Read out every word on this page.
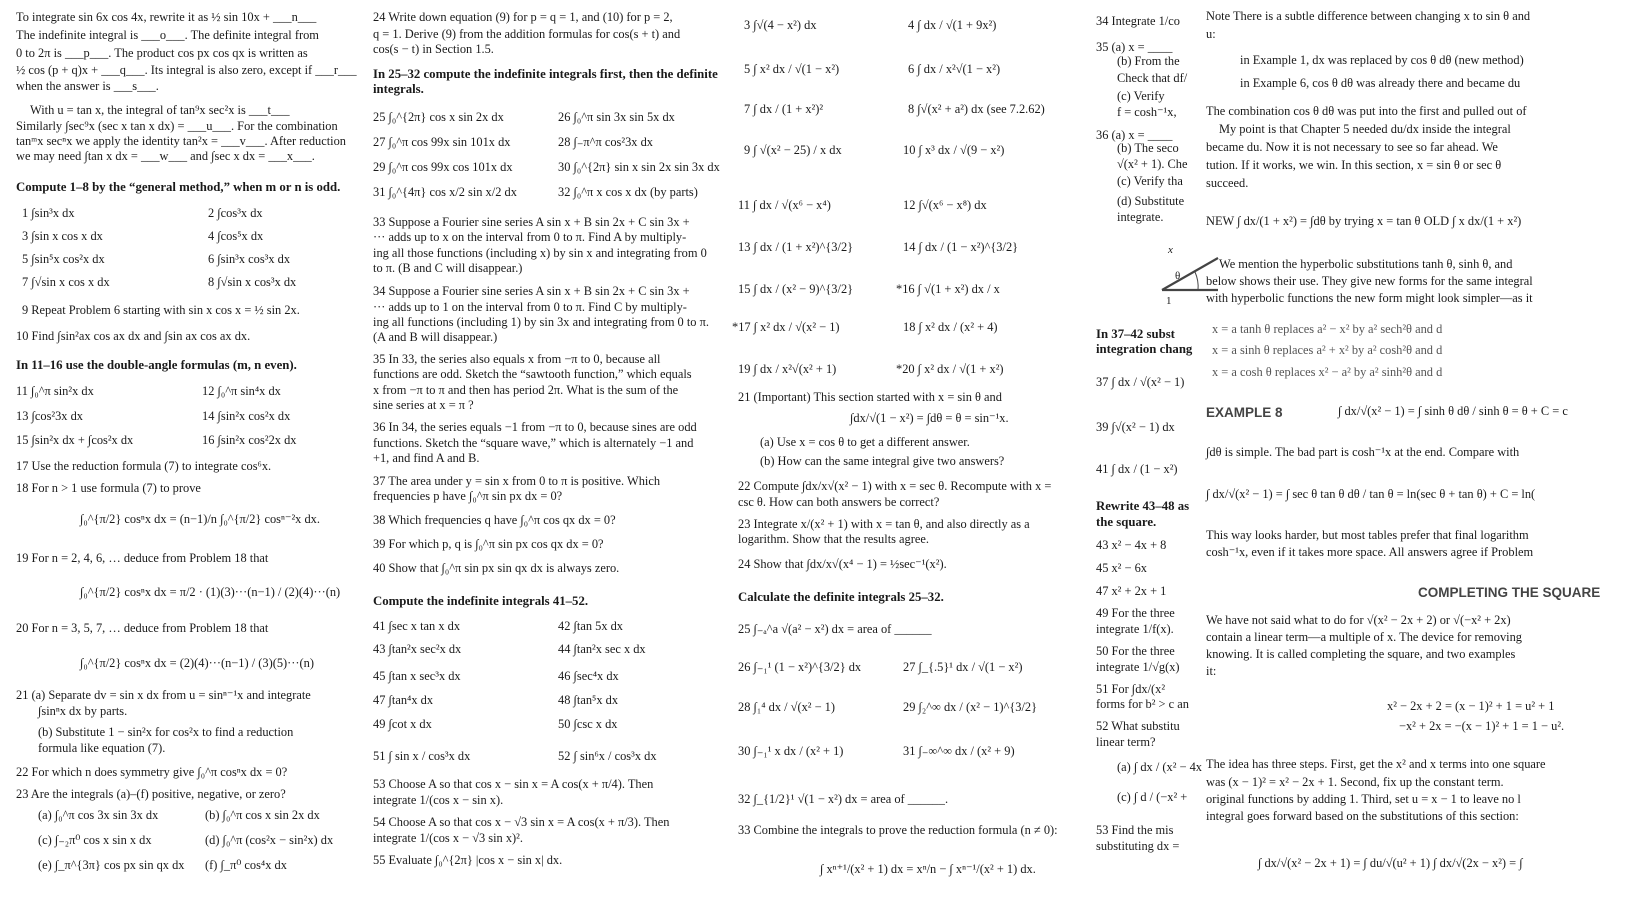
To integrate sin 6x cos 4x, rewrite it as ½ sin 10x + ___n___
The indefinite integral is ___o___. The definite integral from
0 to 2π is ___p___. The product cos px cos qx is written as
½ cos (p + q)x + ___q___. Its integral is also zero, except if ___r___
when the answer is ___s___.
With u = tan x, the integral of tan⁹x sec²x is ___t___
Similarly ∫sec⁹x (sec x tan x dx) = ___u___. For the combination
tanᵐx secⁿx we apply the identity tan²x = ___v___. After reduction
we may need ∫tan x dx = ___w___ and ∫sec x dx = ___x___.
Compute 1–8 by the “general method,” when m or n is odd.
1 ∫sin³x dx	2 ∫cos³x dx
3 ∫sin x cos x dx	4 ∫cos⁵x dx
5 ∫sin⁵x cos²x dx	6 ∫sin³x cos³x dx
7 ∫√sin x cos x dx	8 ∫√sin x cos³x dx
9 Repeat Problem 6 starting with sin x cos x = ½ sin 2x.
10 Find ∫sin²ax cos ax dx and ∫sin ax cos ax dx.
In 11–16 use the double-angle formulas (m, n even).
11 ∫₀^π sin²x dx	12 ∫₀^π sin⁴x dx
13 ∫cos²3x dx	14 ∫sin²x cos²x dx
15 ∫sin²x dx + ∫cos²x dx	16 ∫sin²x cos²2x dx
17 Use the reduction formula (7) to integrate cos⁶x.
18 For n > 1 use formula (7) to prove
∫₀^{π/2} cosⁿx dx = (n−1)/n ∫₀^{π/2} cosⁿ⁻²x dx.
19 For n = 2, 4, 6, … deduce from Problem 18 that
∫₀^{π/2} cosⁿx dx = π/2 · (1)(3)···(n−1) / (2)(4)···(n)
20 For n = 3, 5, 7, … deduce from Problem 18 that
∫₀^{π/2} cosⁿx dx = (2)(4)···(n−1) / (3)(5)···(n)
21 (a) Separate dv = sin x dx from u = sinⁿ⁻¹x and integrate
∫sinⁿx dx by parts.
(b) Substitute 1 − sin²x for cos²x to find a reduction
formula like equation (7).
22 For which n does symmetry give ∫₀^π cosⁿx dx = 0?
23 Are the integrals (a)–(f) positive, negative, or zero?
(a) ∫₀^π cos 3x sin 3x dx	(b) ∫₀^π cos x sin 2x dx
(c) ∫₋₂π⁰ cos x sin x dx	(d) ∫₀^π (cos²x − sin²x) dx
(e) ∫_π^{3π} cos px sin qx dx (f) ∫_π⁰ cos⁴x dx
24 Write down equation (9) for p = q = 1, and (10) for p = 2,
q = 1. Derive (9) from the addition formulas for cos(s + t) and
cos(s − t) in Section 1.5.
In 25–32 compute the indefinite integrals first, then the definite
integrals.
25 ∫₀^{2π} cos x sin 2x dx	26 ∫₀^π sin 3x sin 5x dx
27 ∫₀^π cos 99x sin 101x dx	28 ∫₋π^π cos²3x dx
29 ∫₀^π cos 99x cos 101x dx	30 ∫₀^{2π} sin x sin 2x sin 3x dx
31 ∫₀^{4π} cos x/2 sin x/2 dx	32 ∫₀^π x cos x dx (by parts)
33 Suppose a Fourier sine series A sin x + B sin 2x + C sin 3x +
··· adds up to x on the interval from 0 to π. Find A by multiply-
ing all those functions (including x) by sin x and integrating from 0
to π. (B and C will disappear.)
34 Suppose a Fourier sine series A sin x + B sin 2x + C sin 3x +
··· adds up to 1 on the interval from 0 to π. Find C by multiply-
ing all functions (including 1) by sin 3x and integrating from 0 to π.
(A and B will disappear.)
35 In 33, the series also equals x from −π to 0, because all
functions are odd. Sketch the “sawtooth function,” which equals
x from −π to π and then has period 2π. What is the sum of the
sine series at x = π ?
36 In 34, the series equals −1 from −π to 0, because sines are odd
functions. Sketch the “square wave,” which is alternately −1 and
+1, and find A and B.
37 The area under y = sin x from 0 to π is positive. Which
frequencies p have ∫₀^π sin px dx = 0?
38 Which frequencies q have ∫₀^π cos qx dx = 0?
39 For which p, q is ∫₀^π sin px cos qx dx = 0?
40 Show that ∫₀^π sin px sin qx dx is always zero.
Compute the indefinite integrals 41–52.
41 ∫sec x tan x dx	42 ∫tan 5x dx
43 ∫tan²x sec²x dx	44 ∫tan²x sec x dx
45 ∫tan x sec³x dx	46 ∫sec⁴x dx
47 ∫tan⁴x dx	48 ∫tan⁵x dx
49 ∫cot x dx	50 ∫csc x dx
51 ∫ sin x / cos³x dx	52 ∫ sin⁶x / cos³x dx
53 Choose A so that cos x − sin x = A cos(x + π/4). Then
integrate 1/(cos x − sin x).
54 Choose A so that cos x − √3 sin x = A cos(x + π/3). Then
integrate 1/(cos x − √3 sin x)².
55 Evaluate ∫₀^{2π} |cos x − sin x| dx.
3 ∫√(4 − x²) dx	4 ∫ dx / √(1 + 9x²)
5 ∫ x² dx / √(1 − x²)	6 ∫ dx / x²√(1 − x²)
7 ∫ dx / (1 + x²)²	8 ∫√(x² + a²) dx (see 7.2.62)
9 ∫ √(x² − 25) / x dx	10 ∫ x³ dx / √(9 − x²)
11 ∫ dx / √(x⁶ − x⁴)	12 ∫√(x⁶ − x⁸) dx
13 ∫ dx / (1 + x²)^{3/2}	14 ∫ dx / (1 − x²)^{3/2}
15 ∫ dx / (x² − 9)^{3/2}	*16 ∫ √(1 + x²) dx / x
*17 ∫ x² dx / √(x² − 1)	18 ∫ x² dx / (x² + 4)
19 ∫ dx / x²√(x² + 1)	*20 ∫ x² dx / √(1 + x²)
21 (Important) This section started with x = sin θ and
∫dx/√(1 − x²) = ∫dθ = θ = sin⁻¹x.
(a) Use x = cos θ to get a different answer.
(b) How can the same integral give two answers?
22 Compute ∫dx/x√(x² − 1) with x = sec θ. Recompute with x =
csc θ. How can both answers be correct?
23 Integrate x/(x² + 1) with x = tan θ, and also directly as a
logarithm. Show that the results agree.
24 Show that ∫dx/x√(x⁴ − 1) = ½sec⁻¹(x²).
Calculate the definite integrals 25–32.
25 ∫₋ₐ^a √(a² − x²) dx = area of ______
26 ∫₋₁¹ (1 − x²)^{3/2} dx	27 ∫_{.5}¹ dx / √(1 − x²)
28 ∫₁⁴ dx / √(x² − 1)	29 ∫₂^∞ dx / (x² − 1)^{3/2}
30 ∫₋₁¹ x dx / (x² + 1)	31 ∫₋∞^∞ dx / (x² + 9)
32 ∫_{1/2}¹ √(1 − x²) dx = area of ______.
33 Combine the integrals to prove the reduction formula (n ≠ 0):
∫ xⁿ⁺¹/(x² + 1) dx = xⁿ/n − ∫ xⁿ⁻¹/(x² + 1) dx.
34 Integrate 1/co
35 (a) x = ____
(b) From the
Check that df/
(c) Verify
f = cosh⁻¹x,
36 (a) x = ____
(b) The seco
√(x² + 1). Che
(c) Verify tha
(d) Substitute
integrate.
In 37–42 subst
integration chang
37 ∫ dx / √(x² − 1)
39 ∫√(x² − 1) dx
41 ∫ dx / (1 − x²)
Rewrite 43–48 as
the square.
43 x² − 4x + 8
45 x² − 6x
47 x² + 2x + 1
49 For the three
integrate 1/f(x).
50 For the three
integrate 1/√g(x)
51 For ∫dx/(x²
forms for b² > c an
52 What substitu
linear term?
(a) ∫ dx / (x² − 4x
(c) ∫ d / (−x² +
53 Find the mis
substituting dx =
Note There is a subtle difference between changing x to sin θ and
u:
in Example 1, dx was replaced by cos θ dθ (new method)
in Example 6, cos θ dθ was already there and became du
The combination cos θ dθ was put into the first and pulled out of
My point is that Chapter 5 needed du/dx inside the integral
became du. Now it is not necessary to see so far ahead. We
tution. If it works, we win. In this section, x = sin θ or sec θ
succeed.
NEW ∫ dx/(1 + x²) = ∫dθ by trying x = tan θ OLD ∫ x dx/(1 + x²)
We mention the hyperbolic substitutions tanh θ, sinh θ, and
below shows their use. They give new forms for the same integral
with hyperbolic functions the new form might look simpler—as it
x = a tanh θ replaces a² − x² by a² sech²θ and d
x = a sinh θ replaces a² + x² by a² cosh²θ and d
x = a cosh θ replaces x² − a² by a² sinh²θ and d
EXAMPLE 8	∫ dx/√(x² − 1) = ∫ sinh θ dθ / sinh θ = θ + C = c
∫dθ is simple. The bad part is cosh⁻¹x at the end. Compare with
∫ dx/√(x² − 1) = ∫ sec θ tan θ dθ / tan θ = ln(sec θ + tan θ) + C = ln(
This way looks harder, but most tables prefer that final logarithm
cosh⁻¹x, even if it takes more space. All answers agree if Problem
COMPLETING THE SQUARE
We have not said what to do for √(x² − 2x + 2) or √(−x² + 2x)
contain a linear term—a multiple of x. The device for removing
knowing. It is called completing the square, and two examples
it:
x² − 2x + 2 = (x − 1)² + 1 = u² + 1
−x² + 2x = −(x − 1)² + 1 = 1 − u².
The idea has three steps. First, get the x² and x terms into one square
was (x − 1)² = x² − 2x + 1. Second, fix up the constant term.
original functions by adding 1. Third, set u = x − 1 to leave no l
integral goes forward based on the substitutions of this section:
∫ dx/√(x² − 2x + 1) = ∫ du/√(u² + 1) ∫ dx/√(2x − x²) = ∫
x
θ
1
